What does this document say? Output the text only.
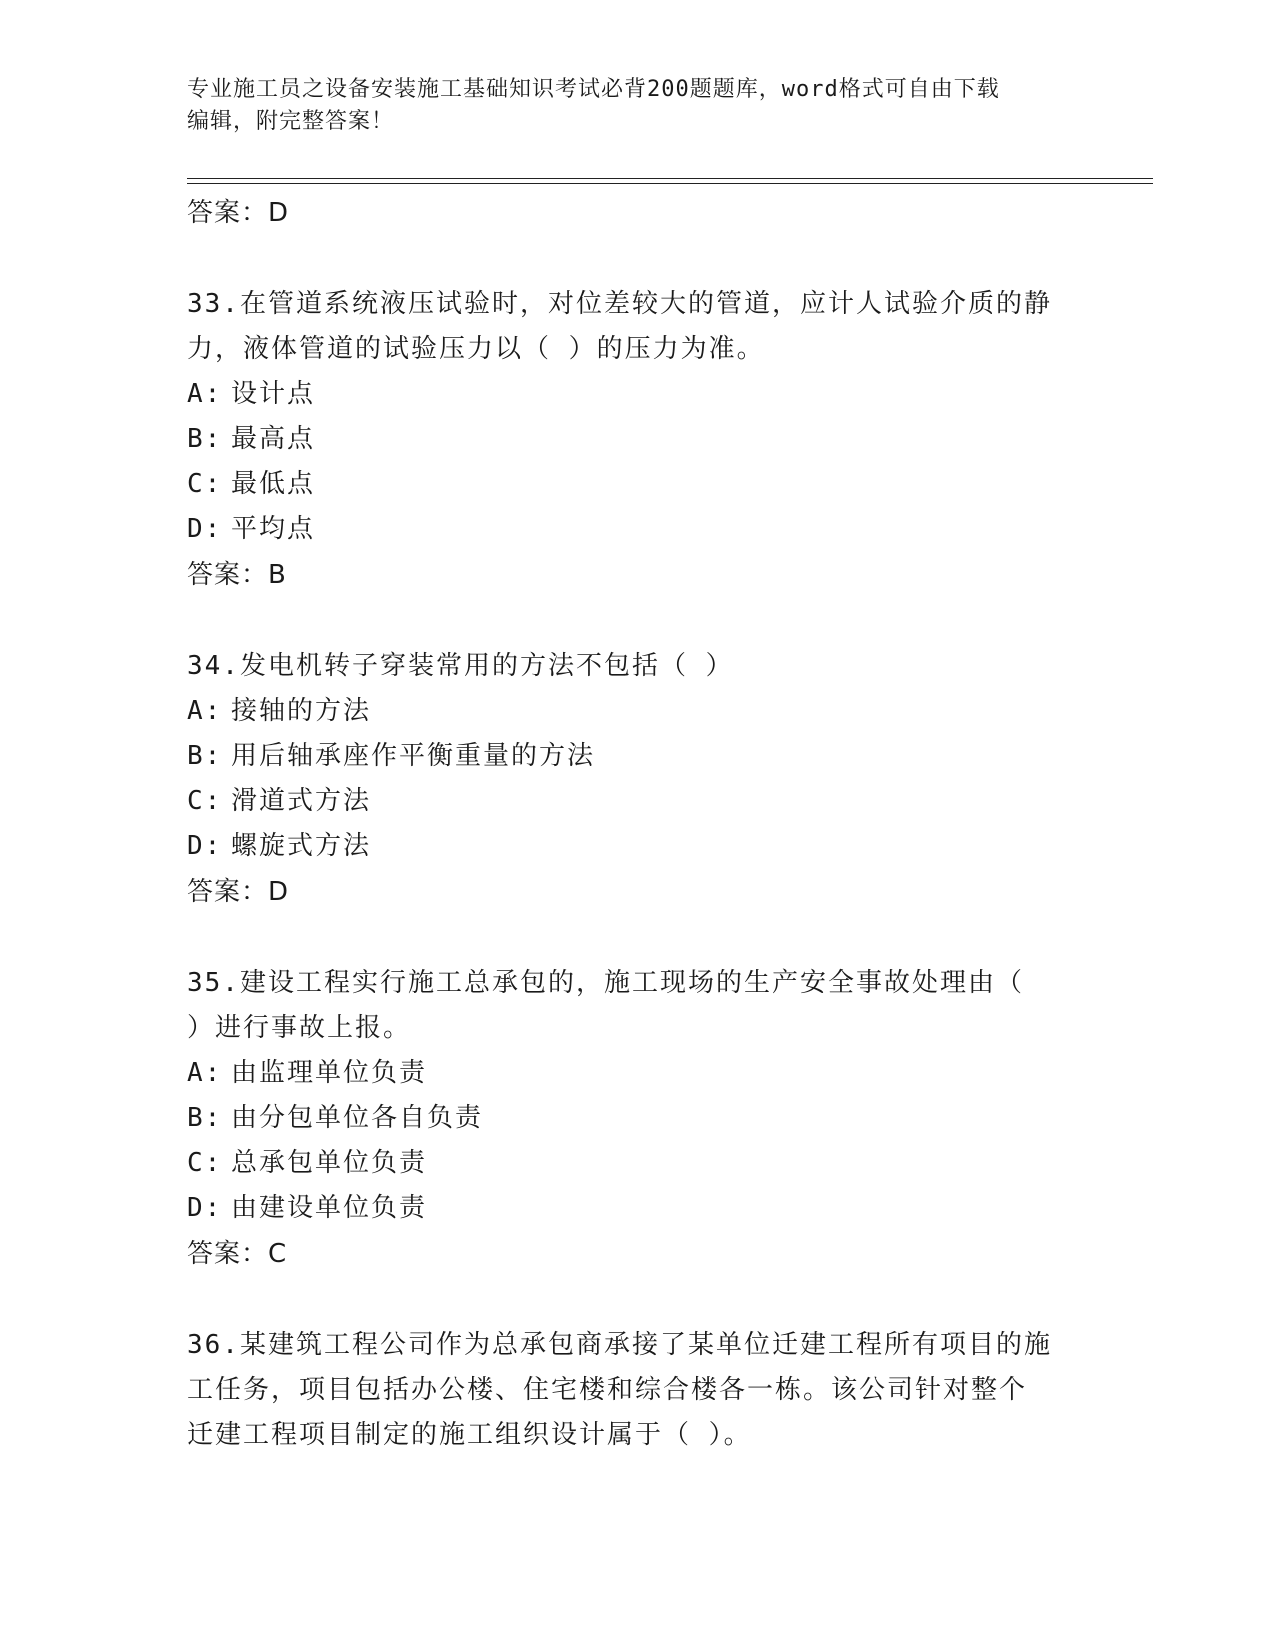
专业施工员之设备安装施工基础知识考试必背200题题库，word格式可自由下载
编辑，附完整答案！
答案：D
33.在管道系统液压试验时，对位差较大的管道，应计人试验介质的静
力，液体管道的试验压力以（ ）的压力为准。
A: 设计点
B: 最高点
C: 最低点
D: 平均点
答案：B
34.发电机转子穿装常用的方法不包括（ ）
A: 接轴的方法
B: 用后轴承座作平衡重量的方法
C: 滑道式方法
D: 螺旋式方法
答案：D
35.建设工程实行施工总承包的，施工现场的生产安全事故处理由（
）进行事故上报。
A: 由监理单位负责
B: 由分包单位各自负责
C: 总承包单位负责
D: 由建设单位负责
答案：C
36.某建筑工程公司作为总承包商承接了某单位迁建工程所有项目的施
工任务，项目包括办公楼、住宅楼和综合楼各一栋。该公司针对整个
迁建工程项目制定的施工组织设计属于（ ）。
